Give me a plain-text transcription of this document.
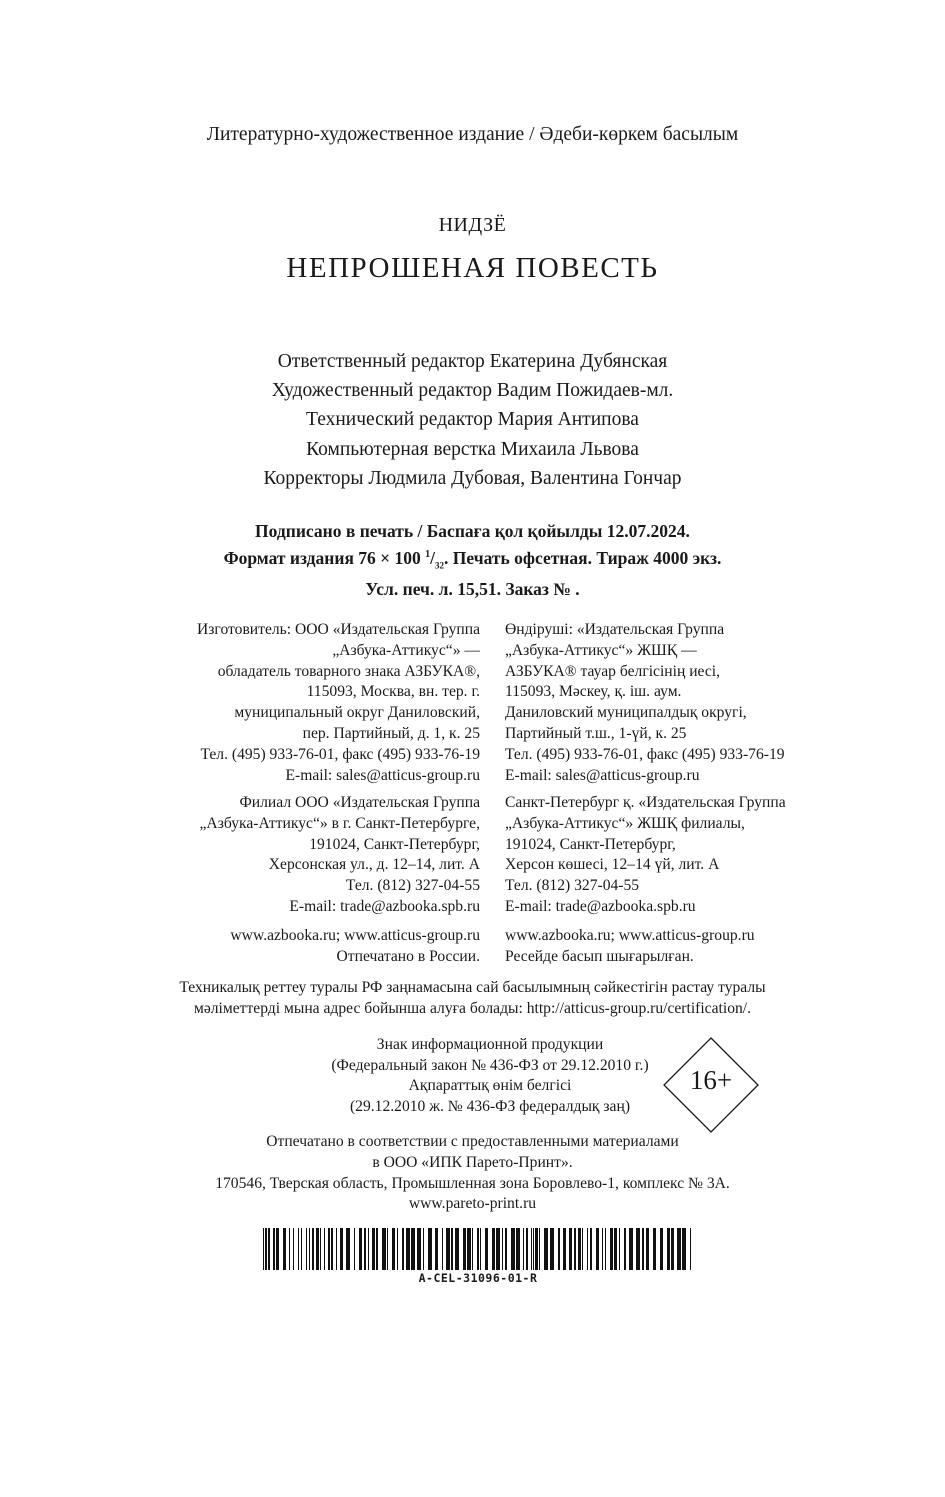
Литературно-художественное издание / Әдеби-көркем басылым
НИДЗЁ
НЕПРОШЕНАЯ ПОВЕСТЬ
Ответственный редактор Екатерина Дубянская
Художественный редактор Вадим Пожидаев-мл.
Технический редактор Мария Антипова
Компьютерная верстка Михаила Львова
Корректоры Людмила Дубовая, Валентина Гончар
Подписано в печать / Баспаға қол қойылды 12.07.2024.
Формат издания 76 × 100 $^1/_{32}$. Печать офсетная. Тираж 4000 экз.
Усл. печ. л. 15,51. Заказ № .
Изготовитель: ООО «Издательская Группа
„Азбука-Аттикус“» —
обладатель товарного знака АЗБУКА®,
115093, Москва, вн. тер. г.
муниципальный округ Даниловский,
пер. Партийный, д. 1, к. 25
Тел. (495) 933-76-01, факс (495) 933-76-19
E-mail: sales@atticus-group.ru
Өндіруші: «Издательская Группа
„Азбука-Аттикус“» ЖШҚ —
АЗБУКА® тауар белгісінің иесі,
115093, Мәскеу, қ. іш. аум.
Даниловский муниципалдық округі,
Партийный т.ш., 1-үй, к. 25
Тел. (495) 933-76-01, факс (495) 933-76-19
E-mail: sales@atticus-group.ru
Филиал ООО «Издательская Группа
„Азбука-Аттикус“» в г. Санкт-Петербурге,
191024, Санкт-Петербург,
Херсонская ул., д. 12–14, лит. А
Тел. (812) 327-04-55
E-mail: trade@azbooka.spb.ru
Санкт-Петербург қ. «Издательская Группа
„Азбука-Аттикус“» ЖШҚ филиалы,
191024, Санкт-Петербург,
Херсон көшесі, 12–14 үй, лит. А
Тел. (812) 327-04-55
E-mail: trade@azbooka.spb.ru
www.azbooka.ru; www.atticus-group.ru
Отпечатано в России.
www.azbooka.ru; www.atticus-group.ru
Ресейде басып шығарылған.
Техникалық реттеу туралы РФ заңнамасына сай басылымның сәйкестігін растау туралы
мәліметтерді мына адрес бойынша алуға болады: http://atticus-group.ru/certification/.
Знак информационной продукции
(Федеральный закон № 436-ФЗ от 29.12.2010 г.)
Ақпараттық өнім белгісі
(29.12.2010 ж. № 436-ФЗ федералдық заң)
16+
Отпечатано в соответствии с предоставленными материалами
в ООО «ИПК Парето-Принт».
170546, Тверская область, Промышленная зона Боровлево-1, комплекс № 3А.
www.pareto-print.ru
A-CEL-31096-01-R
